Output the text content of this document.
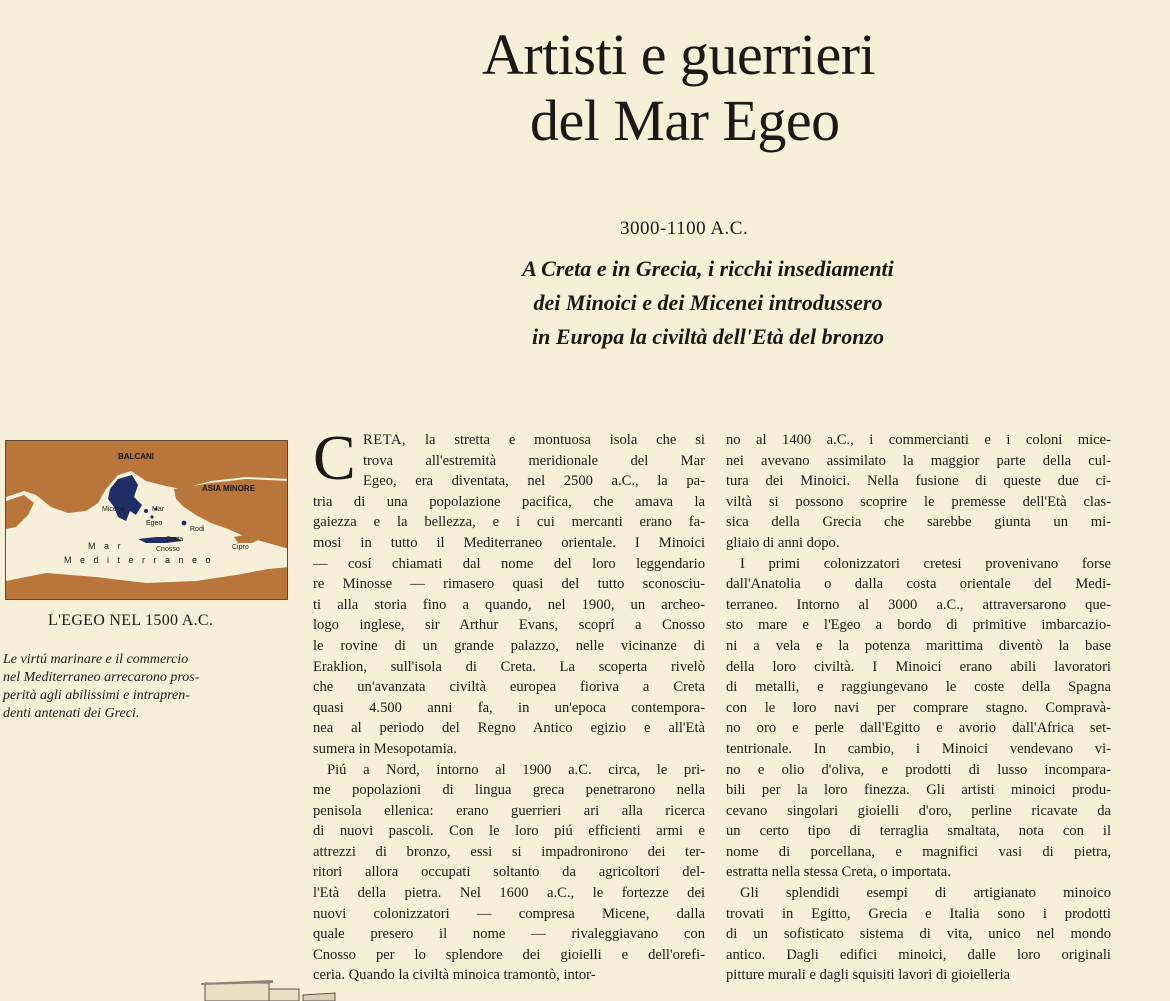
Artisti e guerrieri
del Mar Egeo
3000-1100 A.C.

A Creta e in Grecia, i ricchi insediamenti
dei Minoici e dei Micenei introdussero
in Europa la civiltà dell'Età del bronzo

BALCANI
ASIA MINORE
Micene	Mar
Egeo
Rodi
Creta
Cnosso	Cipro
M a r
M e d i t e r r a n e o
L'EGEO NEL 1500 A.C.

Le virtú marinare e il commercio
nel Mediterraneo arrecarono pros-
perità agli abilissimi e intrapren-
denti antenati dei Greci.

C RETA, la stretta e montuosa isola che si
trova all'estremità meridionale del Mar
Egeo, era diventata, nel 2500 a.C., la pa-
tria di una popolazione pacifica, che amava la
gaiezza e la bellezza, e i cui mercanti erano fa-
mosi in tutto il Mediterraneo orientale. I Minoici
— cosí chiamati dal nome del loro leggendario
re Minosse — rimasero quasi del tutto sconosciu-
ti alla storia fino a quando, nel 1900, un archeo-
logo inglese, sir Arthur Evans, scoprí a Cnosso
le rovine di un grande palazzo, nelle vicinanze di
Eraklion, sull'isola di Creta. La scoperta rivelò
che un'avanzata civiltà europea fioriva a Creta
quasi 4.500 anni fa, in un'epoca contempora-
nea al periodo del Regno Antico egizio e all'Età
sumera in Mesopotamia.
Piú a Nord, intorno al 1900 a.C. circa, le pri-
me popolazioni di lingua greca penetrarono nella
penisola ellenica: erano guerrieri ari alla ricerca
di nuovi pascoli. Con le loro piú efficienti armi e
attrezzi di bronzo, essi si impadronirono dei ter-
ritori allora occupati soltanto da agricoltori del-
l'Età della pietra. Nel 1600 a.C., le fortezze dei
nuovi colonizzatori — compresa Micene, dalla
quale presero il nome — rivaleggiavano con
Cnosso per lo splendore dei gioielli e dell'orefi-
ceria. Quando la civiltà minoica tramontò, intor-
no al 1400 a.C., i commercianti e i coloni mice-
nei avevano assimilato la maggior parte della cul-
tura dei Minoici. Nella fusione di queste due ci-
viltà si possono scoprire le premesse dell'Età clas-
sica della Grecia che sarebbe giunta un mi-
gliaio di anni dopo.
I primi colonizzatori cretesi provenivano forse
dall'Anatolia o dalla costa orientale del Medi-
terraneo. Intorno al 3000 a.C., attraversarono que-
sto mare e l'Egeo a bordo di primitive imbarcazio-
ni a vela e la potenza marittima diventò la base
della loro civiltà. I Minoici erano abili lavoratori
di metalli, e raggiungevano le coste della Spagna
con le loro navi per comprare stagno. Compravà-
no oro e perle dall'Egitto e avorio dall'Africa set-
tentrionale. In cambio, i Minoici vendevano vi-
no e olio d'oliva, e prodotti di lusso incompara-
bili per la loro finezza. Gli artisti minoici produ-
cevano singolari gioielli d'oro, perline ricavate da
un certo tipo di terraglia smaltata, nota con il
nome di porcellana, e magnifici vasi di pietra,
estratta nella stessa Creta, o importata.
Gli splendidi esempi di artigianato minoico
trovati in Egitto, Grecia e Italia sono i prodotti
di un sofisticato sistema di vita, unico nel mondo
antico. Dagli edifici minoici, dalle loro originali
pitture murali e dagli squisiti lavori di gioielleria
